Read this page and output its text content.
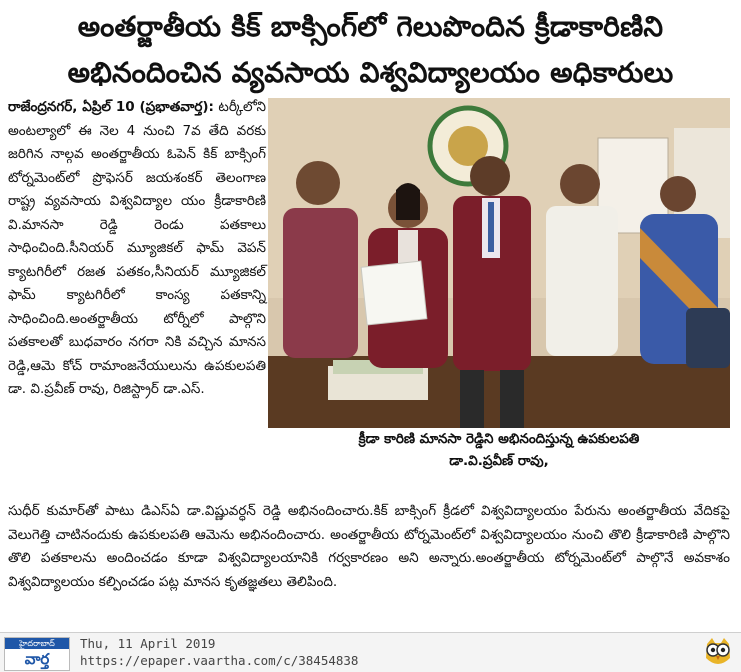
అంతర్జాతీయ కిక్ బాక్సింగ్‌లో గెలుపొందిన క్రీడాకారిణిని
అభినందించిన వ్యవసాయ విశ్వవిద్యాలయం అధికారులు
రాజేంద్రనగర్, ఏప్రిల్ 10 (ప్రభాతవార్త): టర్కీలోని అంటల్యాలో ఈ నెల 4 నుంచి 7వ తేది వరకు జరిగిన నాల్గవ అంతర్జాతీయ ఓపెన్ కిక్ బాక్సింగ్ టోర్నమెంట్‌లో ప్రొఫెసర్ జయశంకర్ తెలంగాణ రాష్ట్ర వ్యవసాయ విశ్వవిద్యాల యం క్రీడాకారిణి వి.మానసా రెడ్డి రెండు పతకాలు సాధించింది.సీనియర్ మ్యూజికల్ ఫామ్ వెపన్ క్యాటగిరీలో రజత పతకం,సీనియర్ మ్యూజికల్ ఫామ్ క్యాటగిరీలో కాంస్య పతకాన్ని సాధించింది.అంతర్జాతీయ టోర్నీలో పాల్గొని పతకాలతో బుధవారం నగరా నికి వచ్చిన మానస రెడ్డి,ఆమె కోచ్ రామాంజనేయులును ఉపకులపతి డా. వి.ప్రవీణ్ రావు, రిజిస్ట్రార్ డా.ఎస్.
క్రీడా కారిణి మానసా రెడ్డిని అభినందిస్తున్న ఉపకులపతి
డా.వి.ప్రవీణ్ రావు,
సుధీర్ కుమార్‌తో పాటు డిఎస్ఏ డా.విష్ణువర్ధన్ రెడ్డి అభినందించారు.కిక్ బాక్సింగ్ క్రీడలో విశ్వవిద్యాలయం పేరును అంతర్జాతీయ వేదికపై వెలుగెత్తి చాటినందుకు ఉపకులపతి ఆమెను అభినందించారు. అంతర్జాతీయ టోర్నమెంట్‌లో విశ్వవిద్యాలయం నుంచి తొలి క్రీడాకారిణి పాల్గొని తొలి పతకాలను అందించడం కూడా విశ్వవిద్యాలయానికి గర్వకారణం అని అన్నారు.అంతర్జాతీయ టోర్నమెంట్‌లో పాల్గొనే అవకాశం విశ్వవిద్యాలయం కల్పించడం పట్ల మానస కృతజ్ఞతలు తెలిపింది.
హైదరాబాద్
వార్త
Thu, 11 April 2019
https://epaper.vaartha.com/c/38454838
